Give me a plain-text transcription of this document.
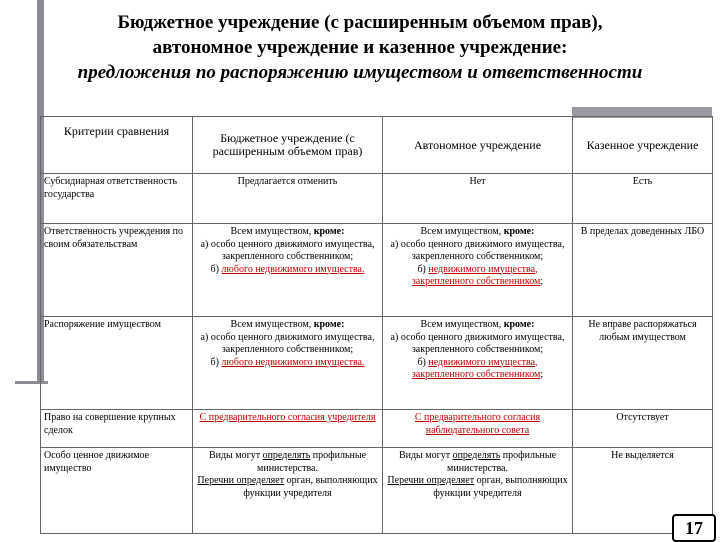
Бюджетное учреждение (с расширенным объемом прав),
автономное учреждение и казенное учреждение:
предложения по распоряжению имуществом и ответственности
Критерии сравнения	Бюджетное учреждение (с расширенным объемом прав)	Автономное учреждение	Казенное учреждение
Субсидиарная ответственность государства	Предлагается отменить	Нет	Есть
Ответственность учреждения по своим обязательствам	Всем имуществом, кроме:
а) особо ценного движимого имущества, закрепленного собственником;
б) любого недвижимого имущества.	Всем имуществом, кроме:
а) особо ценного движимого имущества, закрепленного собственником;
б) недвижимого имущества, закрепленного собственником;	В пределах доведенных ЛБО
Распоряжение имуществом	Всем имуществом, кроме:
а) особо ценного движимого имущества, закрепленного собственником;
б) любого недвижимого имущества.	Всем имуществом, кроме:
а) особо ценного движимого имущества, закрепленного собственником;
б) недвижимого имущества, закрепленного собственником;	Не вправе распоряжаться любым имуществом
Право на совершение крупных сделок	С предварительного согласия учредителя	С предварительного согласия наблюдательного совета	Отсутствует
Особо ценное движимое имущество	Виды могут определять профильные министерства.
Перечни определяет орган, выполняющих функции учредителя	Виды могут определять профильные министерства.
Перечни определяет орган, выполняющих функции учредителя	Не выделяется
17
